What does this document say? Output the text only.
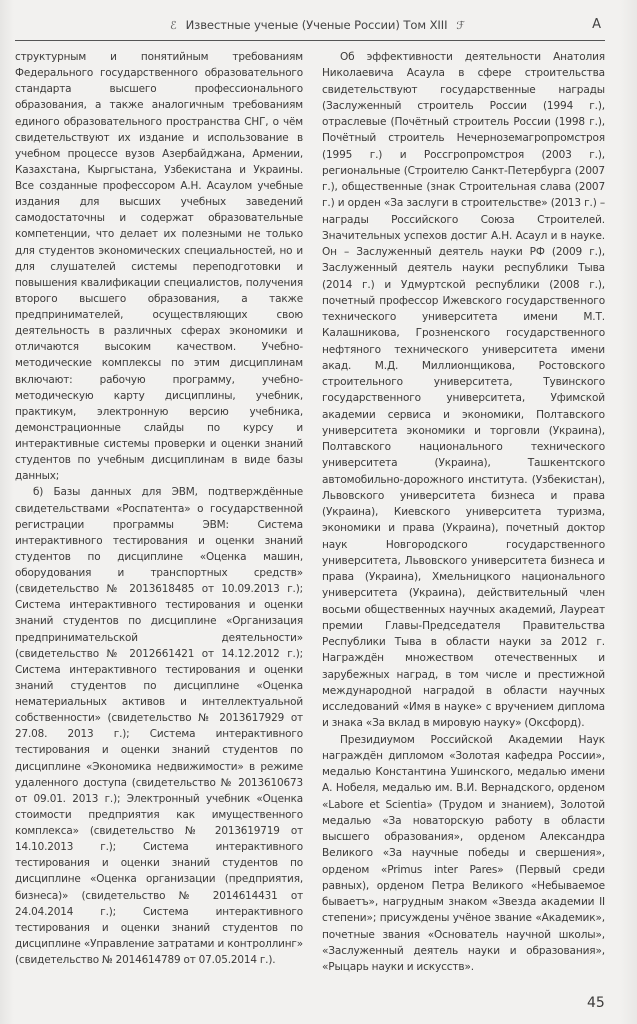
ℰ Известные ученые (Ученые России) Том XIII ℱ	А

структурным и понятийным требованиям Федерального государственного образовательного стандарта высшего профессионального образования, а также аналогичным требованиям единого образовательного пространства СНГ, о чём свидетельствуют их издание и использование в учебном процессе вузов Азербайджана, Армении, Казахстана, Кыргыстана, Узбекистана и Украины. Все созданные профессором А.Н. Асаулом учебные издания для высших учебных заведений самодостаточны и содержат образовательные компетенции, что делает их полезными не только для студентов экономических специальностей, но и для слушателей системы переподготовки и повышения квалификации специалистов, получения второго высшего образования, а также предпринимателей, осуществляющих свою деятельность в различных сферах экономики и отличаются высоким качеством. Учебно-методические комплексы по этим дисциплинам включают: рабочую программу, учебно-методическую карту дисциплины, учебник, практикум, электронную версию учебника, демонстрационные слайды по курсу и интерактивные системы проверки и оценки знаний студентов по учебным дисциплинам в виде базы данных;

б) Базы данных для ЭВМ, подтверждённые свидетельствами «Роспатента» о государственной регистрации программы ЭВМ: Система интерактивного тестирования и оценки знаний студентов по дисциплине «Оценка машин, оборудования и транспортных средств» (свидетельство № 2013618485 от 10.09.2013 г.); Система интерактивного тестирования и оценки знаний студентов по дисциплине «Организация предпринимательской деятельности» (свидетельство № 2012661421 от 14.12.2012 г.); Система интерактивного тестирования и оценки знаний студентов по дисциплине «Оценка нематериальных активов и интеллектуальной собственности» (свидетельство № 2013617929 от 27.08. 2013 г.); Система интерактивного тестирования и оценки знаний студентов по дисциплине «Экономика недвижимости» в режиме удаленного доступа (свидетельство № 2013610673 от 09.01. 2013 г.); Электронный учебник «Оценка стоимости предприятия как имущественного комплекса» (свидетельство № 2013619719 от 14.10.2013 г.); Система интерактивного тестирования и оценки знаний студентов по дисциплине «Оценка организации (предприятия, бизнеса)» (свидетельство № 2014614431 от 24.04.2014 г.); Система интерактивного тестирования и оценки знаний студентов по дисциплине «Управление затратами и контроллинг» (свидетельство № 2014614789 от 07.05.2014 г.).

Об эффективности деятельности Анатолия Николаевича Асаула в сфере строительства свидетельствуют государственные награды (Заслуженный строитель России (1994 г.), отраслевые (Почётный строитель России (1998 г.), Почётный строитель Нечерноземагропромстроя (1995 г.) и Россгропромстроя (2003 г.), региональные (Строителю Санкт-Петербурга (2007 г.), общественные (знак Строительная слава (2007 г.) и орден «За заслуги в строительстве» (2013 г.) – награды Российского Союза Строителей. Значительных успехов достиг А.Н. Асаул и в науке. Он – Заслуженный деятель науки РФ (2009 г.), Заслуженный деятель науки республики Тыва (2014 г.) и Удмуртской республики (2008 г.), почетный профессор Ижевского государственного технического университета имени М.Т. Калашникова, Грозненского государственного нефтяного технического университета имени акад. М.Д. Миллионщикова, Ростовского строительного университета, Тувинского государственного университета, Уфимской академии сервиса и экономики, Полтавского университета экономики и торговли (Украина), Полтавского национального технического университета (Украина), Ташкентского автомобильно-дорожного института. (Узбекистан), Львовского университета бизнеса и права (Украина), Киевского университета туризма, экономики и права (Украина), почетный доктор наук Новгородского государственного университета, Львовского университета бизнеса и права (Украина), Хмельницкого национального университета (Украина), действительный член восьми общественных научных академий, Лауреат премии Главы-Председателя Правительства Республики Тыва в области науки за 2012 г. Награждён множеством отечественных и зарубежных наград, в том числе и престижной международной наградой в области научных исследований «Имя в науке» с вручением диплома и знака «За вклад в мировую науку» (Оксфорд).

Президиумом Российской Академии Наук награждён дипломом «Золотая кафедра России», медалью Константина Ушинского, медалью имени А. Нобеля, медалью им. В.И. Вернадского, орденом «Labore et Scientia» (Трудом и знанием), Золотой медалью «За новаторскую работу в области высшего образования», орденом Александра Великого «За научные победы и свершения», орденом «Primus inter Pares» (Первый среди равных), орденом Петра Великого «Небываемое бываетъ», нагрудным знаком «Звезда академии II степени»; присуждены учёное звание «Академик», почетные звания «Основатель научной школы», «Заслуженный деятель науки и образования», «Рыцарь науки и искусств».

45
